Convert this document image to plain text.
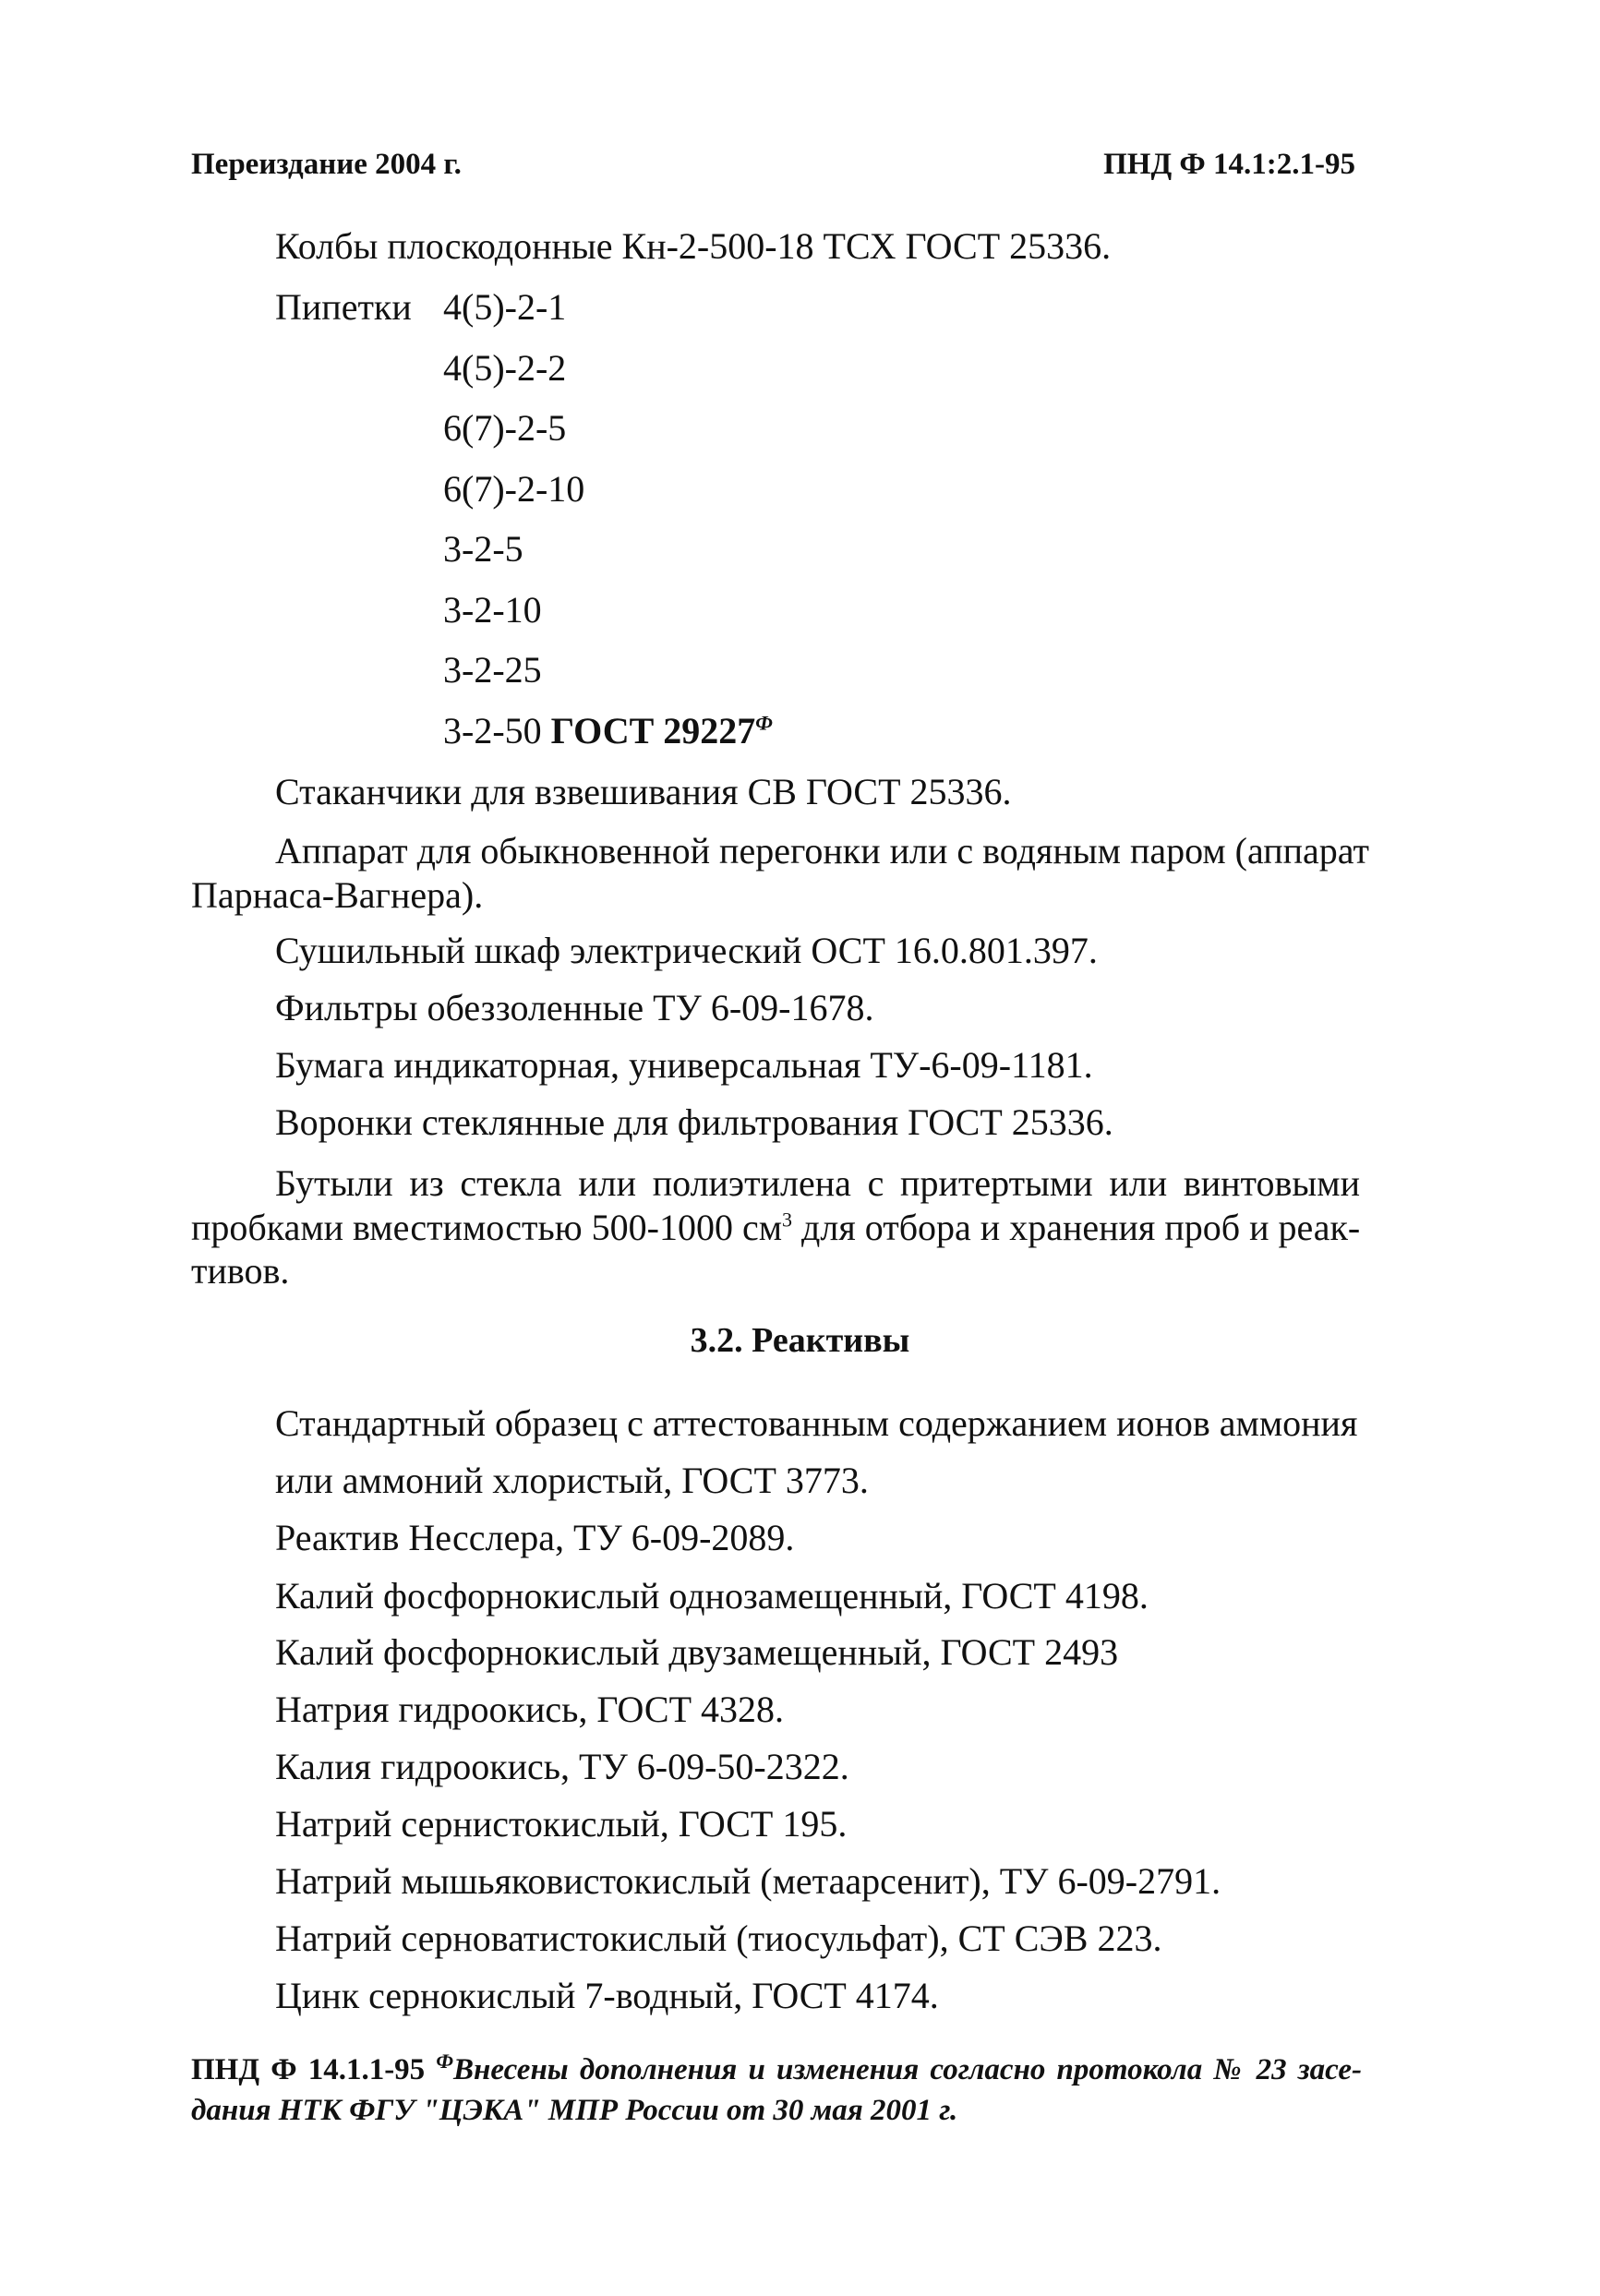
Переиздание 2004 г.	ПНД Ф 14.1:2.1-95
Колбы плоскодонные Кн-2-500-18 ТСХ ГОСТ 25336.
Пипетки 4(5)-2-1
4(5)-2-2
6(7)-2-5
6(7)-2-10
3-2-5
3-2-10
3-2-25
3-2-50 ГОСТ $29227^Ф$
Стаканчики для взвешивания СВ ГОСТ 25336.
Аппарат для обыкновенной перегонки или с водяным паром (аппарат
Парнаса-Вагнера).
Сушильный шкаф электрический ОСТ 16.0.801.397.
Фильтры обеззоленные ТУ 6-09-1678.
Бумага индикаторная, универсальная ТУ-6-09-1181.
Воронки стеклянные для фильтрования ГОСТ 25336.
Бутыли из стекла или полиэтилена с притертыми или винтовыми
пробками вместимостью 500-1000 $см^3$ для отбора и хранения проб и реак-
тивов.
3.2. Реактивы
Стандартный образец с аттестованным содержанием ионов аммония
или аммоний хлористый, ГОСТ 3773.
Реактив Несслера, ТУ 6-09-2089.
Калий фосфорнокислый однозамещенный, ГОСТ 4198.
Калий фосфорнокислый двузамещенный, ГОСТ 2493
Натрия гидроокись, ГОСТ 4328.
Калия гидроокись, ТУ 6-09-50-2322.
Натрий сернистокислый, ГОСТ 195.
Натрий мышьяковистокислый (метаарсенит), ТУ 6-09-2791.
Натрий серноватистокислый (тиосульфат), СТ СЭВ 223.
Цинк сернокислый 7-водный, ГОСТ 4174.
ПНД Ф 14.1.1-95 $^Ф$Внесены дополнения и изменения согласно протокола № 23 засе-
дания НТК ФГУ "ЦЭКА" МПР России от 30 мая 2001 г.
